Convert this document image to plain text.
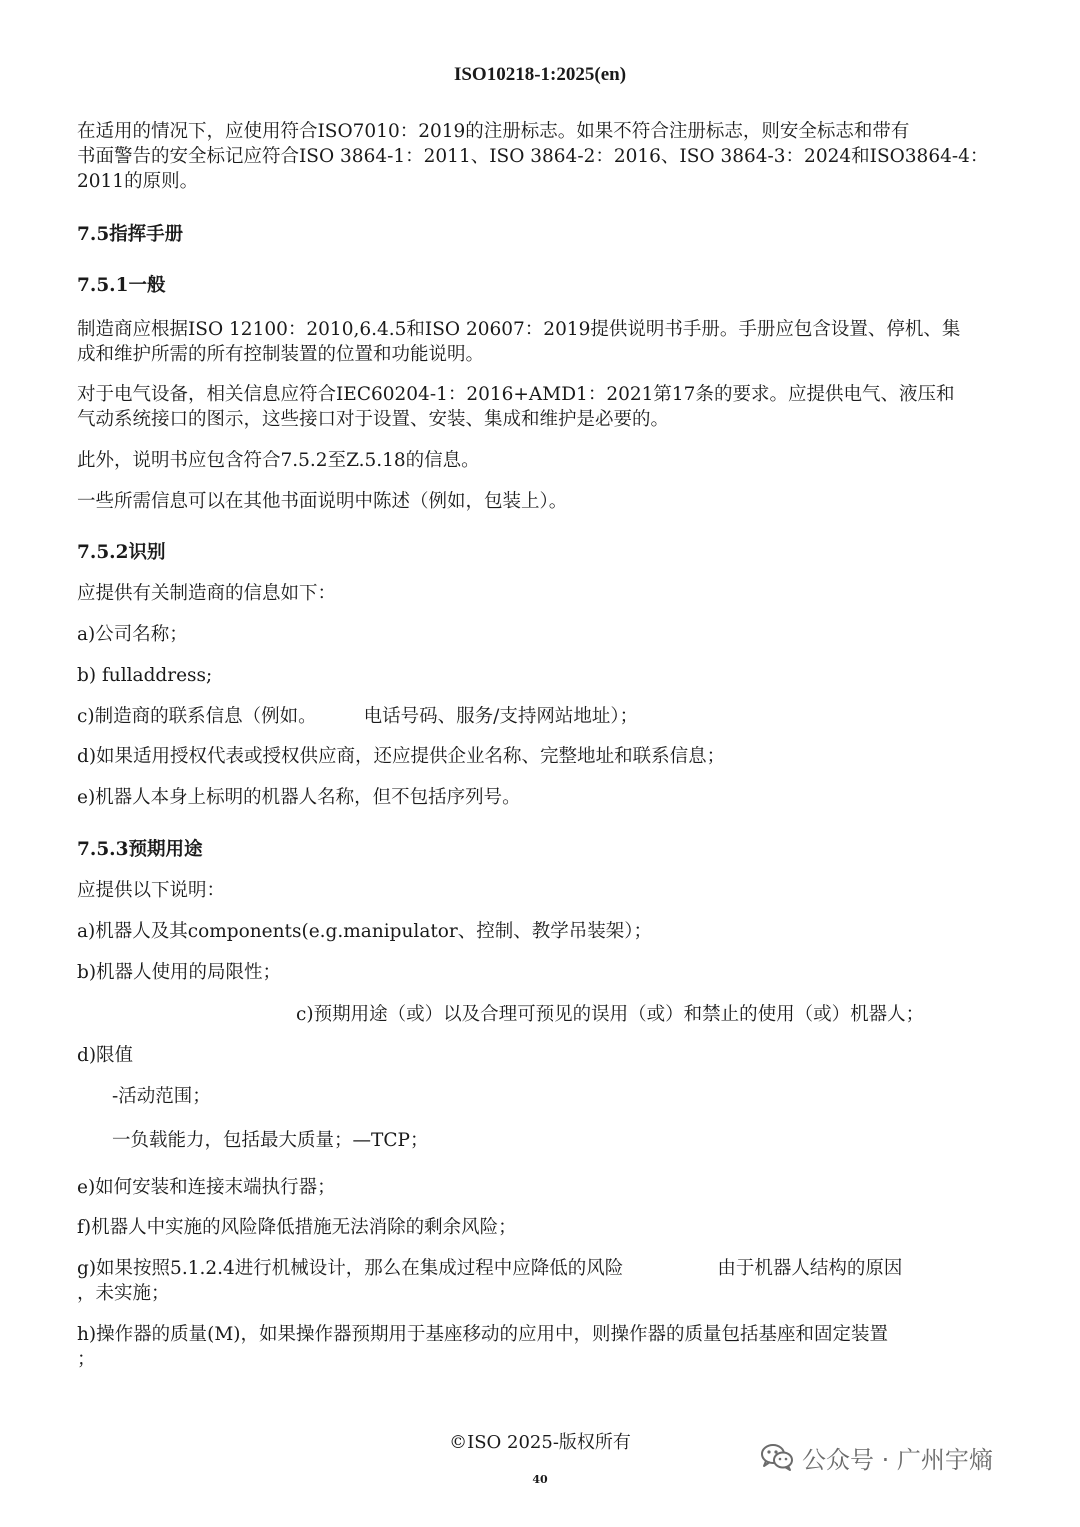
ISO10218-1:2025(en)
在适用的情况下，应使用符合ISO7010：2019的注册标志。如果不符合注册标志，则安全标志和带有
书面警告的安全标记应符合ISO 3864-1：2011、ISO 3864-2：2016、ISO 3864-3：2024和ISO3864-4：
2011的原则。
7.5指挥手册
7.5.1一般
制造商应根据ISO 12100：2010,6.4.5和ISO 20607：2019提供说明书手册。手册应包含设置、停机、集
成和维护所需的所有控制装置的位置和功能说明。
对于电气设备，相关信息应符合IEC60204-1：2016+AMD1：2021第17条的要求。应提供电气、液压和
气动系统接口的图示，这些接口对于设置、安装、集成和维护是必要的。
此外，说明书应包含符合7.5.2至Z.5.18的信息。
一些所需信息可以在其他书面说明中陈述（例如，包装上）。
7.5.2识别
应提供有关制造商的信息如下：
a)公司名称；
b) fulladdress;
c)制造商的联系信息（例如。        电话号码、服务/支持网站地址）；
d)如果适用授权代表或授权供应商，还应提供企业名称、完整地址和联系信息；
e)机器人本身上标明的机器人名称，但不包括序列号。
7.5.3预期用途
应提供以下说明：
a)机器人及其components(e.g.manipulator、控制、教学吊装架）；
b)机器人使用的局限性；
c)预期用途（或）以及合理可预见的误用（或）和禁止的使用（或）机器人；
d)限值
-活动范围；
一负载能力，包括最大质量；—TCP；
e)如何安装和连接末端执行器；
f)机器人中实施的风险降低措施无法消除的剩余风险；
g)如果按照5.1.2.4进行机械设计，那么在集成过程中应降低的风险                由于机器人结构的原因
，未实施；
h)操作器的质量(M)，如果操作器预期用于基座移动的应用中，则操作器的质量包括基座和固定装置
；
©ISO 2025-版权所有
40
公众号 · 广州宇熵
